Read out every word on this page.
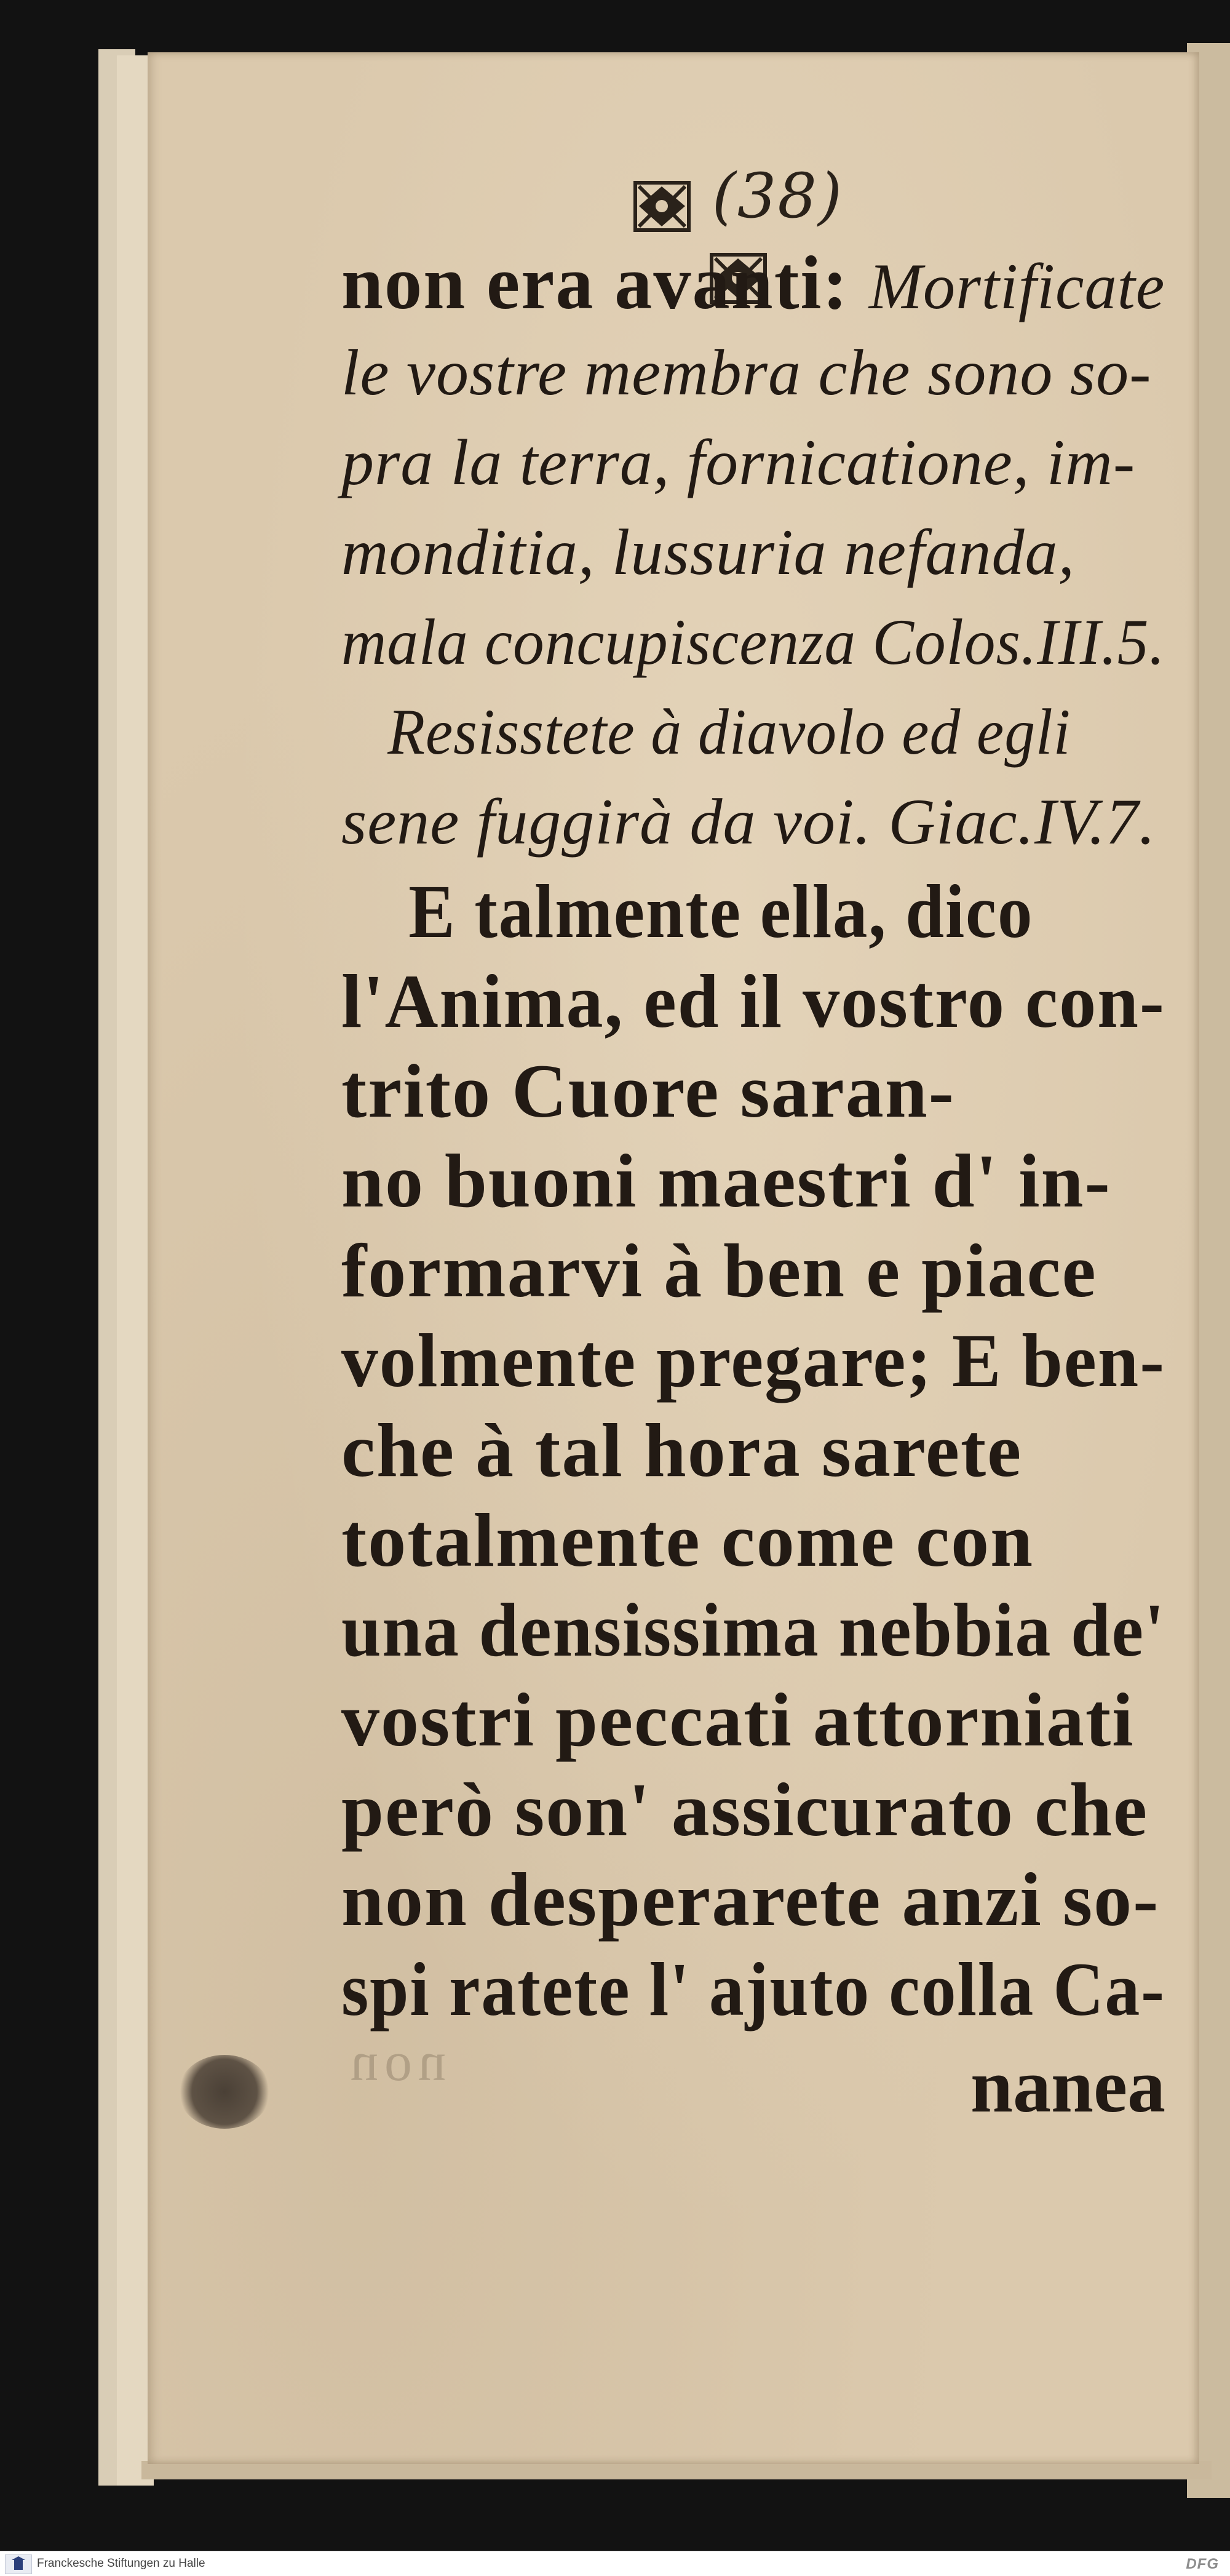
(38)
non era avanti: Mortificate
le vostre membra che sono so-
pra la terra, fornicatione, im-
monditia, lussuria nefanda,
mala concupiscenza Colos.III.5.
Resisstete à diavolo ed egli
sene fuggirà da voi. Giac.IV.7.
E talmente ella, dico
l'Anima, ed il vostro con-
trito Cuore saran-
no buoni maestri d' in-
formarvi à ben e piace
volmente pregare; E ben-
che à tal hora sarete
totalmente come con
una densissima nebbia de'
vostri peccati attorniati
però son' assicurato che
non desperarete anzi so-
spi ratete l' ajuto colla Ca-
non	nanea
Franckesche Stiftungen zu Halle	DFG
